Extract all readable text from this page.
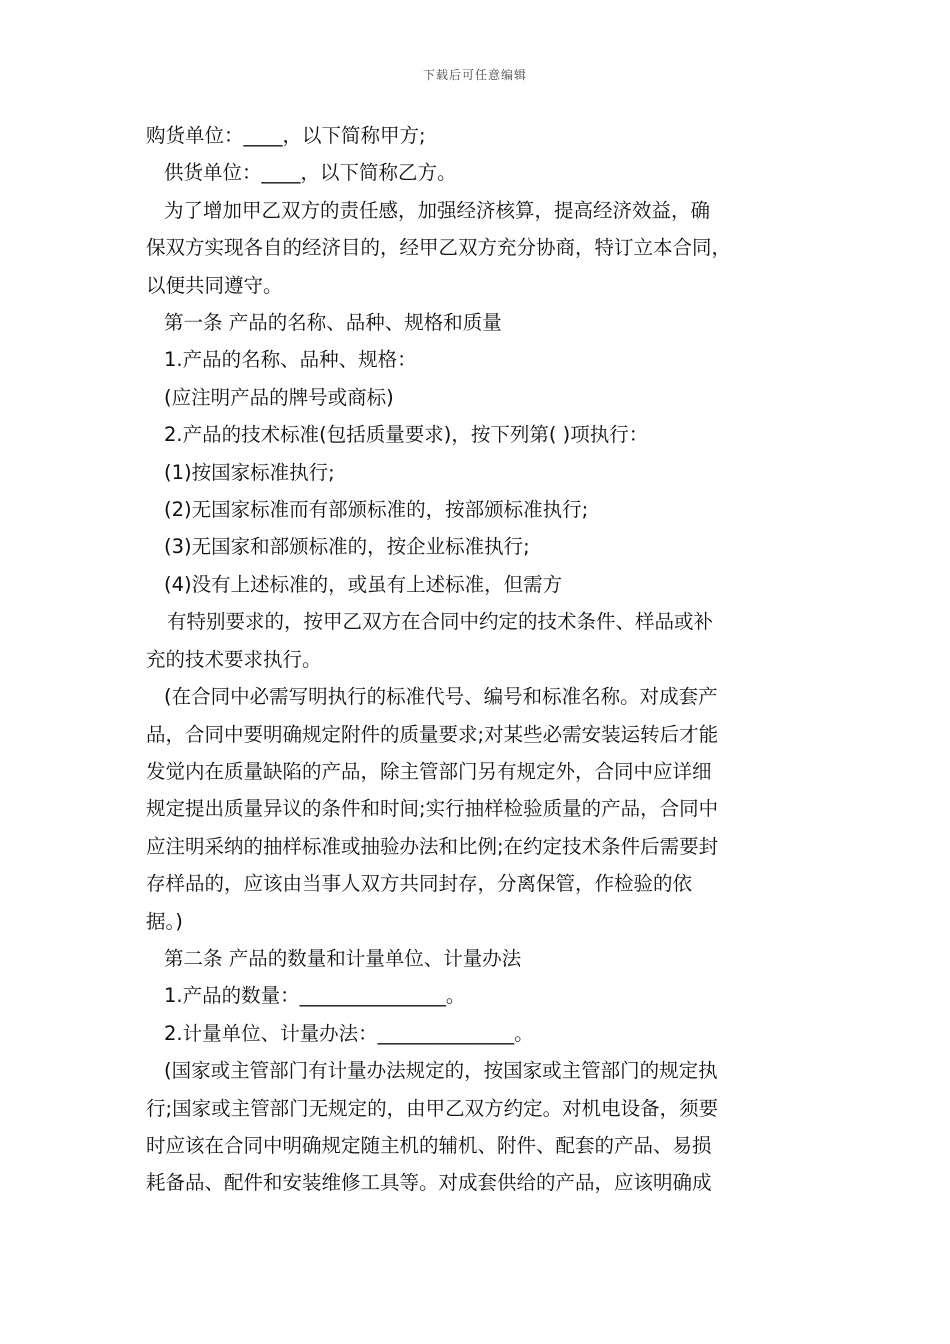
下载后可任意编辑

购货单位：____，以下简称甲方;

供货单位：____，以下简称乙方。

为了增加甲乙双方的责任感，加强经济核算，提高经济效益，确

保双方实现各自的经济目的，经甲乙双方充分协商，特订立本合同，

以便共同遵守。

第一条 产品的名称、品种、规格和质量

1.产品的名称、品种、规格：

(应注明产品的牌号或商标)

2.产品的技术标准(包括质量要求)，按下列第( )项执行：

(1)按国家标准执行;

(2)无国家标准而有部颁标准的，按部颁标准执行;

(3)无国家和部颁标准的，按企业标准执行;

(4)没有上述标准的，或虽有上述标准，但需方

有特别要求的，按甲乙双方在合同中约定的技术条件、样品或补

充的技术要求执行。

(在合同中必需写明执行的标准代号、编号和标准名称。对成套产

品，合同中要明确规定附件的质量要求;对某些必需安装运转后才能

发觉内在质量缺陷的产品，除主管部门另有规定外，合同中应详细

规定提出质量异议的条件和时间;实行抽样检验质量的产品，合同中

应注明采纳的抽样标准或抽验办法和比例;在约定技术条件后需要封

存样品的，应该由当事人双方共同封存，分离保管，作检验的依

据。)

第二条 产品的数量和计量单位、计量办法

1.产品的数量：_______________。

2.计量单位、计量办法：______________。

(国家或主管部门有计量办法规定的，按国家或主管部门的规定执

行;国家或主管部门无规定的，由甲乙双方约定。对机电设备，须要

时应该在合同中明确规定随主机的辅机、附件、配套的产品、易损

耗备品、配件和安装维修工具等。对成套供给的产品，应该明确成
